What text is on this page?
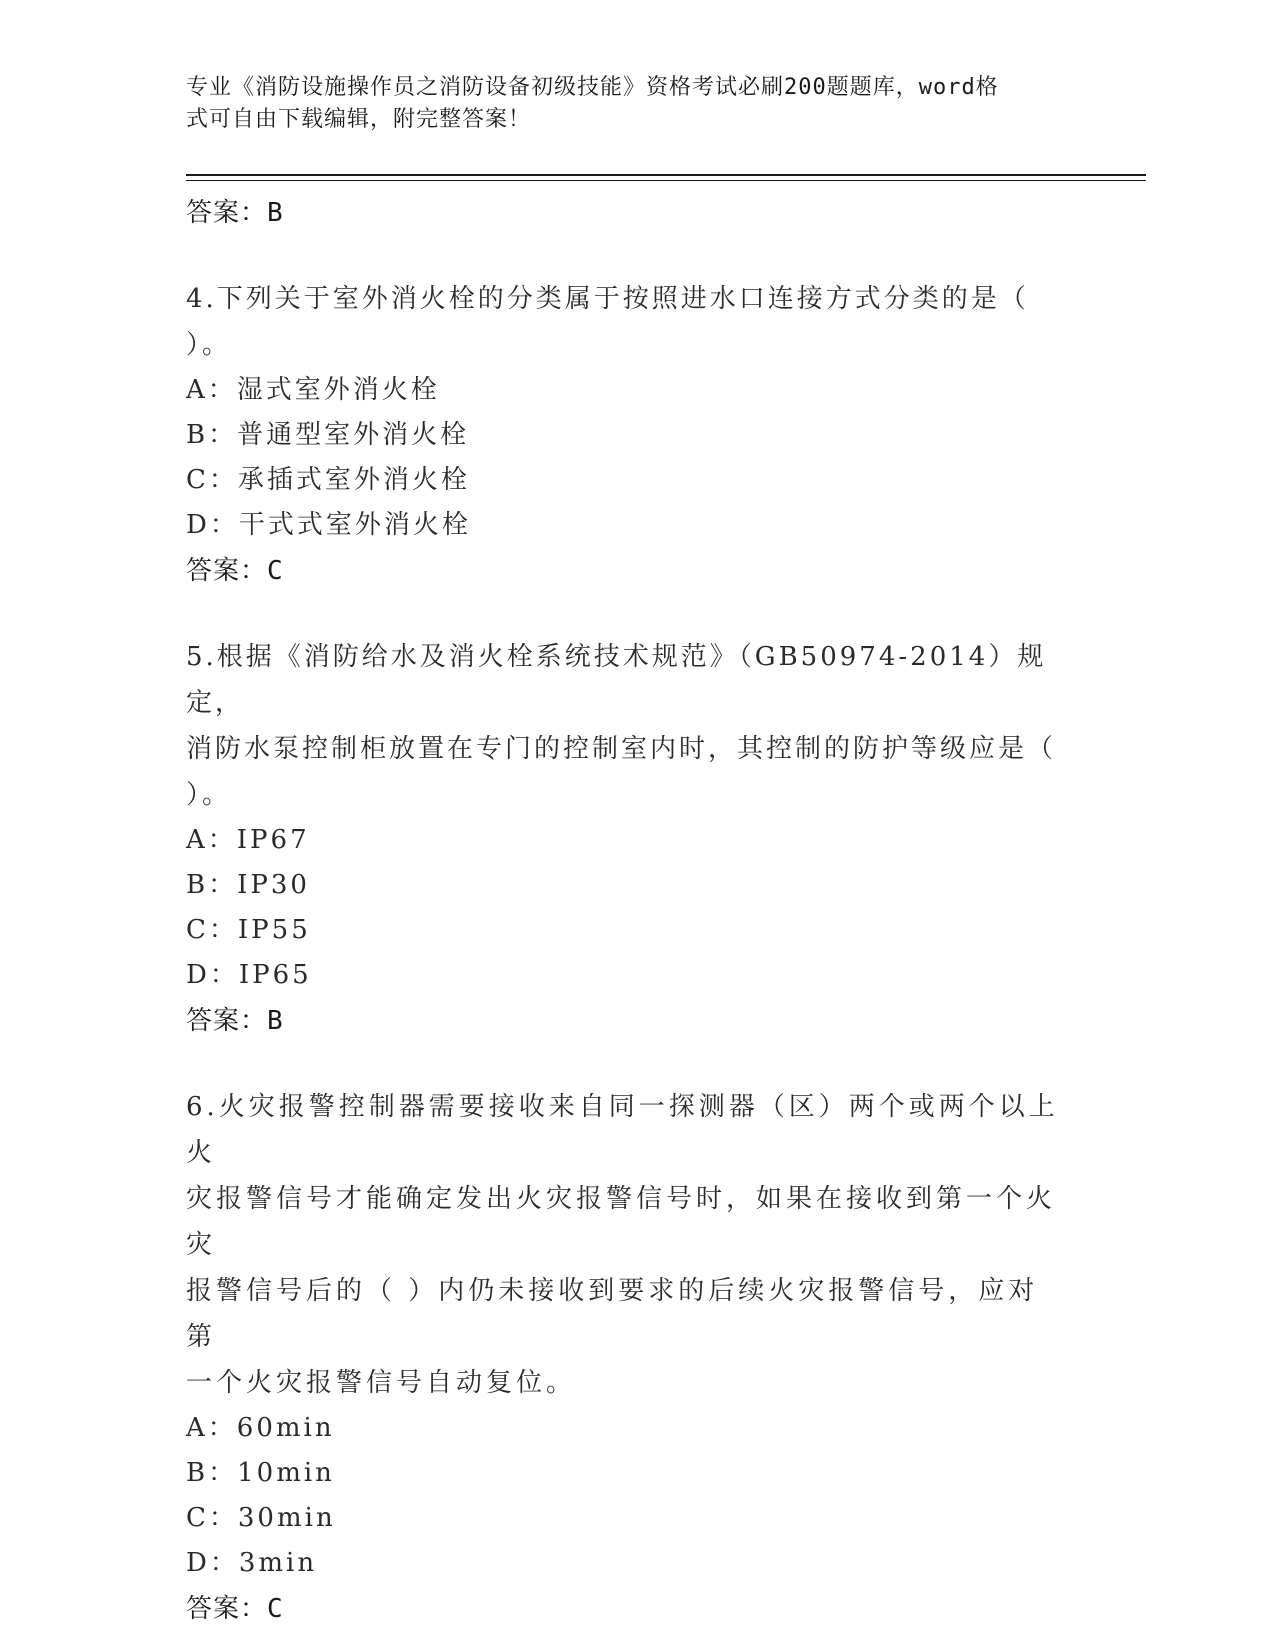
专业《消防设施操作员之消防设备初级技能》资格考试必刷200题题库，word格
式可自由下载编辑，附完整答案！
答案：B
4.下列关于室外消火栓的分类属于按照进水口连接方式分类的是（
）。
A：湿式室外消火栓
B：普通型室外消火栓
C：承插式室外消火栓
D：干式式室外消火栓
答案：C
5.根据《消防给水及消火栓系统技术规范》（GB50974-2014）规定，
消防水泵控制柜放置在专门的控制室内时，其控制的防护等级应是（
）。
A：IP67
B：IP30
C：IP55
D：IP65
答案：B
6.火灾报警控制器需要接收来自同一探测器（区）两个或两个以上火
灾报警信号才能确定发出火灾报警信号时，如果在接收到第一个火灾
报警信号后的（ ）内仍未接收到要求的后续火灾报警信号，应对第
一个火灾报警信号自动复位。
A：60min
B：10min
C：30min
D：3min
答案：C
